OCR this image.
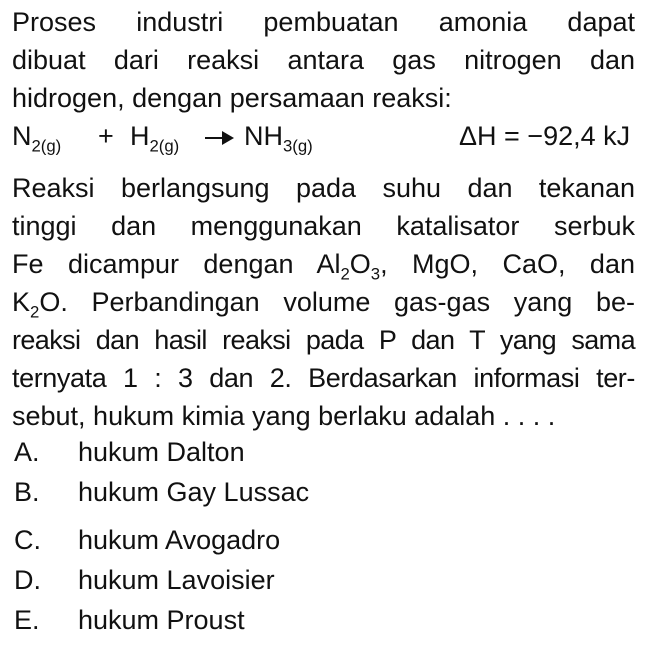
Proses industri pembuatan amonia dapat
dibuat dari reaksi antara gas nitrogen dan
hidrogen, dengan persamaan reaksi:
$N_{2(g)} + H_{2(g)}$ $NH_{3(g)}$	ΔH = −92,4 kJ
Reaksi berlangsung pada suhu dan tekanan
tinggi dan menggunakan katalisator serbuk
Fe dicampur dengan $Al_2O_3$, MgO, CaO, dan
$K_2O$. Perbandingan volume gas-gas yang be-
reaksi dan hasil reaksi pada P dan T yang sama
ternyata 1 : 3 dan 2. Berdasarkan informasi ter-
sebut, hukum kimia yang berlaku adalah . . . .
A. hukum Dalton
B. hukum Gay Lussac
C. hukum Avogadro
D. hukum Lavoisier
E. hukum Proust
